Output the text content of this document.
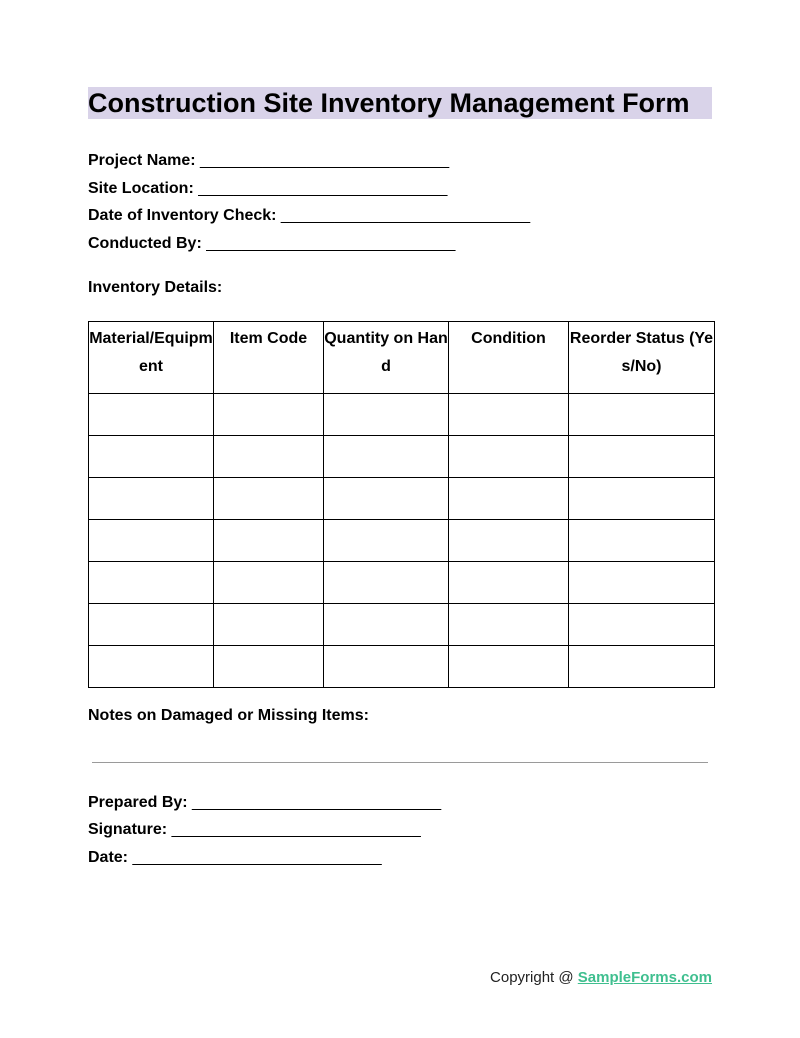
Construction Site Inventory Management Form
Project Name: ____________________________
Site Location: ____________________________
Date of Inventory Check: ____________________________
Conducted By: ____________________________
Inventory Details:
Material/Equipment	Item Code	Quantity on Hand	Condition	Reorder Status (Yes/No)

Notes on Damaged or Missing Items:
Prepared By: ____________________________
Signature: ____________________________
Date: ____________________________
Copyright @ SampleForms.com
